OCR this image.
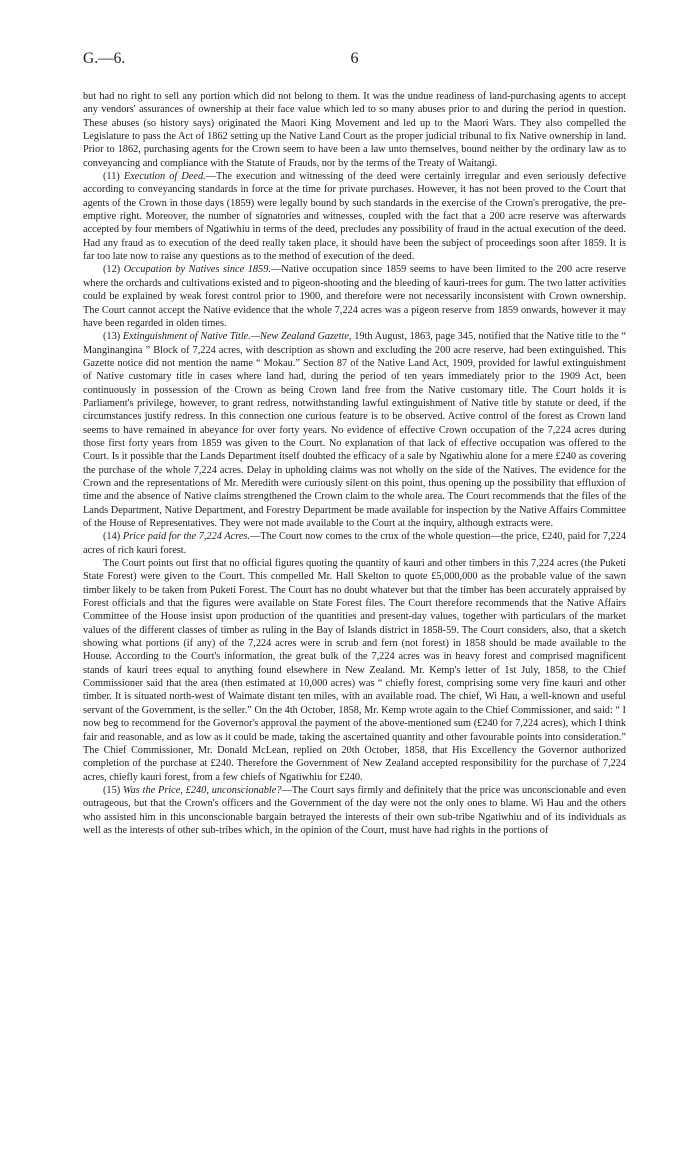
G.—6.	6

but had no right to sell any portion which did not belong to them. It was the undue readiness of land-purchasing agents to accept any vendors' assurances of ownership at their face value which led to so many abuses prior to and during the period in question. These abuses (so history says) originated the Maori King Movement and led up to the Maori Wars. They also compelled the Legislature to pass the Act of 1862 setting up the Native Land Court as the proper judicial tribunal to fix Native ownership in land. Prior to 1862, purchasing agents for the Crown seem to have been a law unto themselves, bound neither by the ordinary law as to conveyancing and compliance with the Statute of Frauds, nor by the terms of the Treaty of Waitangi.

(11) Execution of Deed.—The execution and witnessing of the deed were certainly irregular and even seriously defective according to conveyancing standards in force at the time for private purchases. However, it has not been proved to the Court that agents of the Crown in those days (1859) were legally bound by such standards in the exercise of the Crown's prerogative, the pre-emptive right. Moreover, the number of signatories and witnesses, coupled with the fact that a 200 acre reserve was afterwards accepted by four members of Ngatiwhiu in terms of the deed, precludes any possibility of fraud in the actual execution of the deed. Had any fraud as to execution of the deed really taken place, it should have been the subject of proceedings soon after 1859. It is far too late now to raise any questions as to the method of execution of the deed.

(12) Occupation by Natives since 1859.—Native occupation since 1859 seems to have been limited to the 200 acre reserve where the orchards and cultivations existed and to pigeon-shooting and the bleeding of kauri-trees for gum. The two latter activities could be explained by weak forest control prior to 1900, and therefore were not necessarily inconsistent with Crown ownership. The Court cannot accept the Native evidence that the whole 7,224 acres was a pigeon reserve from 1859 onwards, however it may have been regarded in olden times.

(13) Extinguishment of Native Title.—New Zealand Gazette, 19th August, 1863, page 345, notified that the Native title to the “ Manginangina ” Block of 7,224 acres, with description as shown and excluding the 200 acre reserve, had been extinguished. This Gazette notice did not mention the name “ Mokau.” Section 87 of the Native Land Act, 1909, provided for lawful extinguishment of Native customary title in cases where land had, during the period of ten years immediately prior to the 1909 Act, been continuously in possession of the Crown as being Crown land free from the Native customary title. The Court holds it is Parliament's privilege, however, to grant redress, notwithstanding lawful extinguishment of Native title by statute or deed, if the circumstances justify redress. In this connection one curious feature is to be observed. Active control of the forest as Crown land seems to have remained in abeyance for over forty years. No evidence of effective Crown occupation of the 7,224 acres during those first forty years from 1859 was given to the Court. No explanation of that lack of effective occupation was offered to the Court. Is it possible that the Lands Department itself doubted the efficacy of a sale by Ngatiwhiu alone for a mere £240 as covering the purchase of the whole 7,224 acres. Delay in upholding claims was not wholly on the side of the Natives. The evidence for the Crown and the representations of Mr. Meredith were curiously silent on this point, thus opening up the possibility that effluxion of time and the absence of Native claims strengthened the Crown claim to the whole area. The Court recommends that the files of the Lands Department, Native Department, and Forestry Department be made available for inspection by the Native Affairs Committee of the House of Representatives. They were not made available to the Court at the inquiry, although extracts were.

(14) Price paid for the 7,224 Acres.—The Court now comes to the crux of the whole question—the price, £240, paid for 7,224 acres of rich kauri forest.

The Court points out first that no official figures quoting the quantity of kauri and other timbers in this 7,224 acres (the Puketi State Forest) were given to the Court. This compelled Mr. Hall Skelton to quote £5,000,000 as the probable value of the sawn timber likely to be taken from Puketi Forest. The Court has no doubt whatever but that the timber has been accurately appraised by Forest officials and that the figures were available on State Forest files. The Court therefore recommends that the Native Affairs Committee of the House insist upon production of the quantities and present-day values, together with particulars of the market values of the different classes of timber as ruling in the Bay of Islands district in 1858-59. The Court considers, also, that a sketch showing what portions (if any) of the 7,224 acres were in scrub and fern (not forest) in 1858 should be made available to the House. According to the Court's information, the great bulk of the 7,224 acres was in heavy forest and comprised magnificent stands of kauri trees equal to anything found elsewhere in New Zealand. Mr. Kemp's letter of 1st July, 1858, to the Chief Commissioner said that the area (then estimated at 10,000 acres) was “ chiefly forest, comprising some very fine kauri and other timber. It is situated north-west of Waimate distant ten miles, with an available road. The chief, Wi Hau, a well-known and useful servant of the Government, is the seller.” On the 4th October, 1858, Mr. Kemp wrote again to the Chief Commissioner, and said: “ I now beg to recommend for the Governor's approval the payment of the above-mentioned sum (£240 for 7,224 acres), which I think fair and reasonable, and as low as it could be made, taking the ascertained quantity and other favourable points into consideration.” The Chief Commissioner, Mr. Donald McLean, replied on 20th October, 1858, that His Excellency the Governor authorized completion of the purchase at £240. Therefore the Government of New Zealand accepted responsibility for the purchase of 7,224 acres, chiefly kauri forest, from a few chiefs of Ngatiwhiu for £240.

(15) Was the Price, £240, unconscionable?—The Court says firmly and definitely that the price was unconscionable and even outrageous, but that the Crown's officers and the Government of the day were not the only ones to blame. Wi Hau and the others who assisted him in this unconscionable bargain betrayed the interests of their own sub-tribe Ngatiwhiu and of its individuals as well as the interests of other sub-tribes which, in the opinion of the Court, must have had rights in the portions of
